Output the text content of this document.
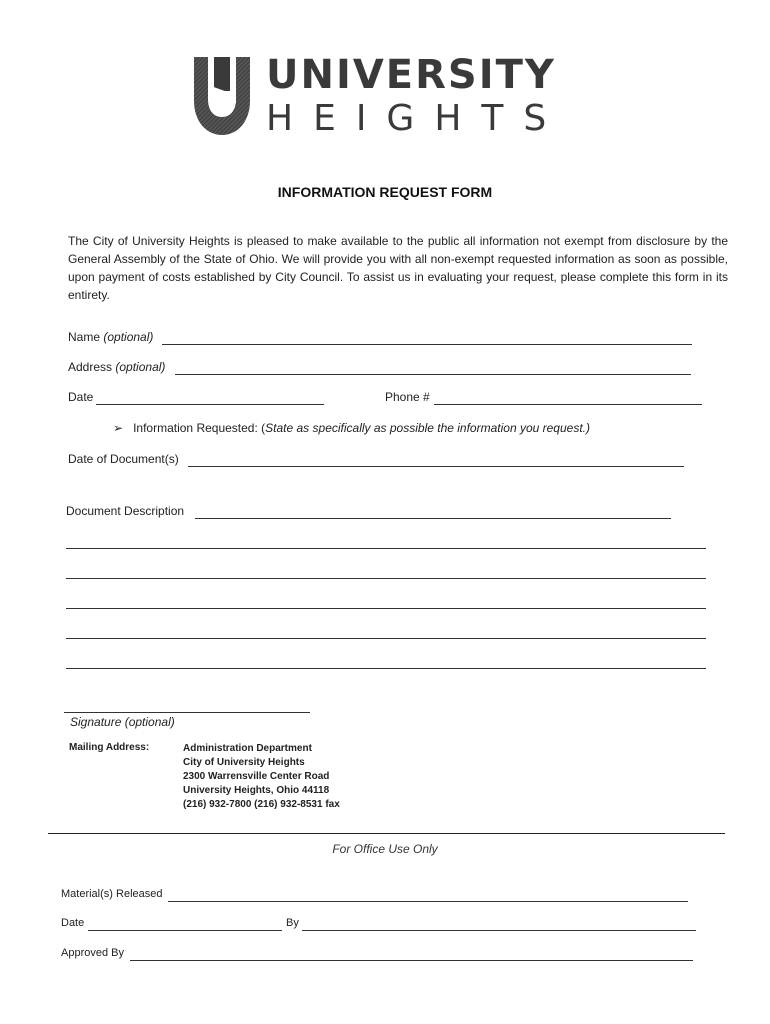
UNIVERSITY
HEIGHTS
INFORMATION REQUEST FORM
The City of University Heights is pleased to make available to the public all information not exempt from disclosure by the General Assembly of the State of Ohio. We will provide you with all non-exempt requested information as soon as possible, upon payment of costs established by City Council. To assist us in evaluating your request, please complete this form in its entirety.
Name (optional)
Address (optional)
Date	Phone #
➢ Information Requested: (State as specifically as possible the information you request.)
Date of Document(s)
Document Description
Signature (optional)
Mailing Address:	Administration Department
City of University Heights
2300 Warrensville Center Road
University Heights, Ohio 44118
(216) 932-7800 (216) 932-8531 fax
For Office Use Only
Material(s) Released
Date	By
Approved By
